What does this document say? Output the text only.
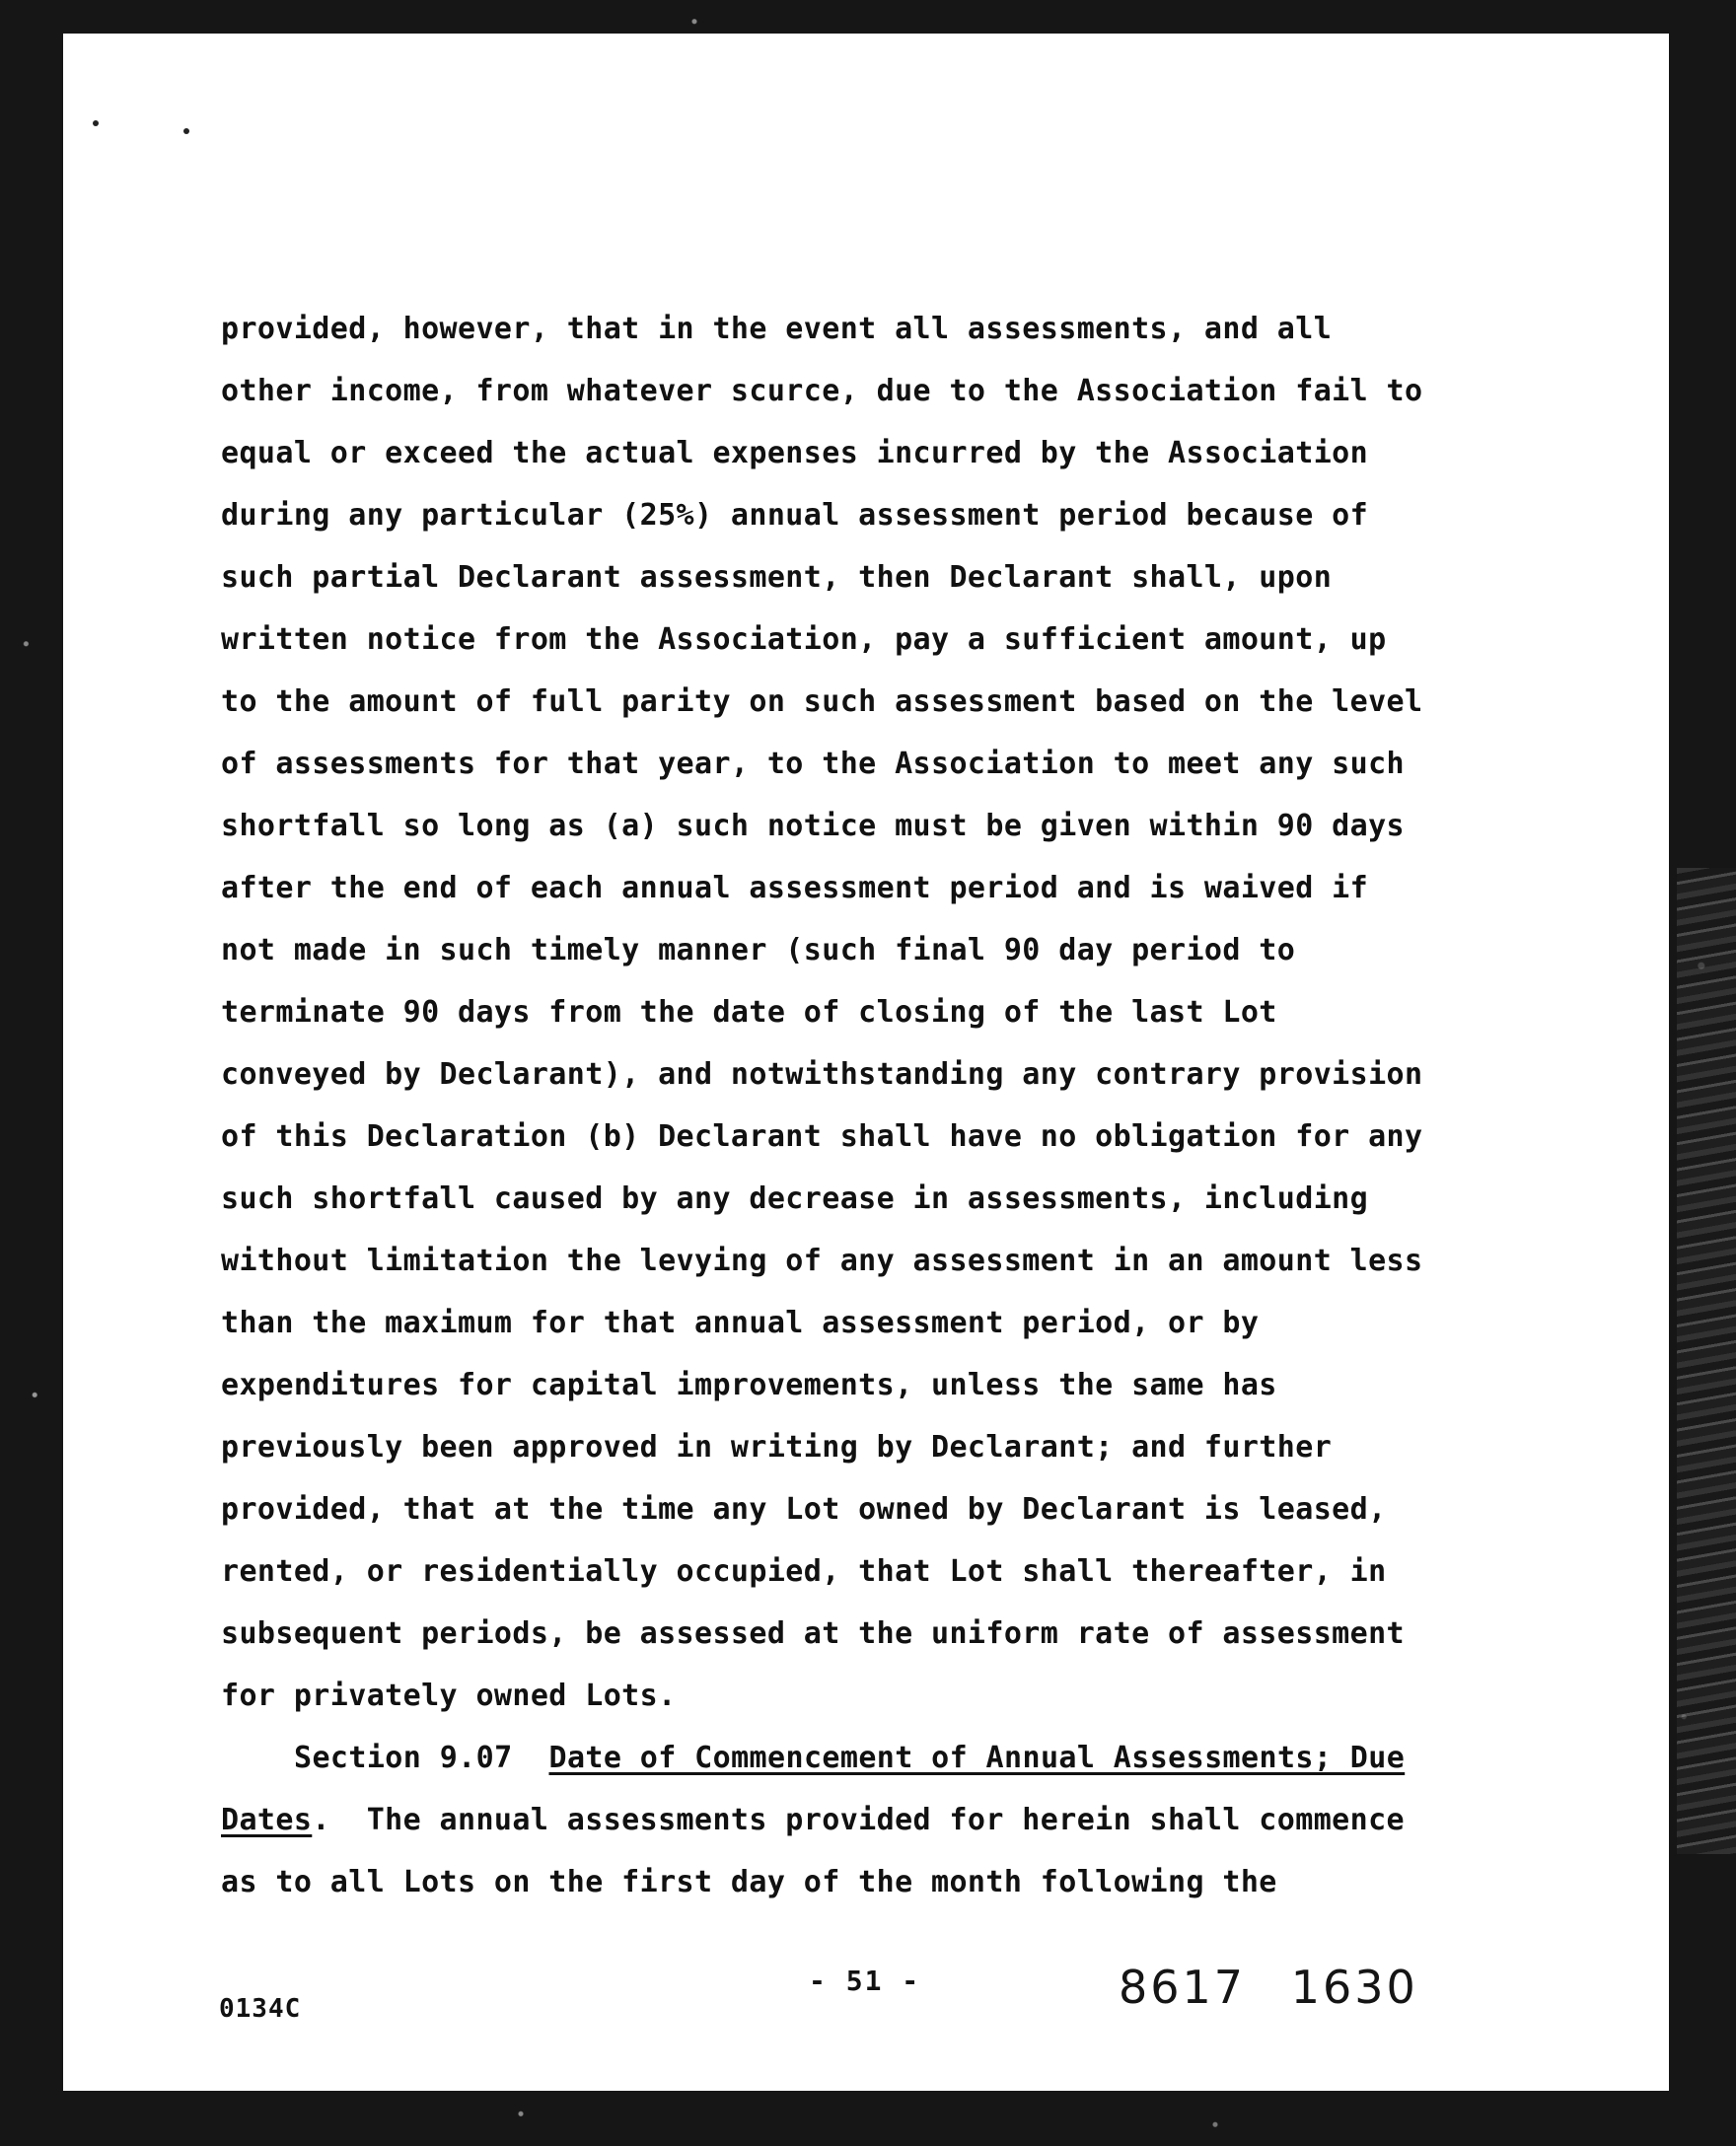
provided, however, that in the event all assessments, and all
other income, from whatever scurce, due to the Association fail to
equal or exceed the actual expenses incurred by the Association
during any particular (25%) annual assessment period because of
such partial Declarant assessment, then Declarant shall, upon
written notice from the Association, pay a sufficient amount, up
to the amount of full parity on such assessment based on the level
of assessments for that year, to the Association to meet any such
shortfall so long as (a) such notice must be given within 90 days
after the end of each annual assessment period and is waived if
not made in such timely manner (such final 90 day period to
terminate 90 days from the date of closing of the last Lot
conveyed by Declarant), and notwithstanding any contrary provision
of this Declaration (b) Declarant shall have no obligation for any
such shortfall caused by any decrease in assessments, including
without limitation the levying of any assessment in an amount less
than the maximum for that annual assessment period, or by
expenditures for capital improvements, unless the same has
previously been approved in writing by Declarant; and further
provided, that at the time any Lot owned by Declarant is leased,
rented, or residentially occupied, that Lot shall thereafter, in
subsequent periods, be assessed at the uniform rate of assessment
for privately owned Lots.
Section 9.07 Date of Commencement of Annual Assessments; Due
Dates.  The annual assessments provided for herein shall commence
as to all Lots on the first day of the month following the
0134C
- 51 -	8617 1630
